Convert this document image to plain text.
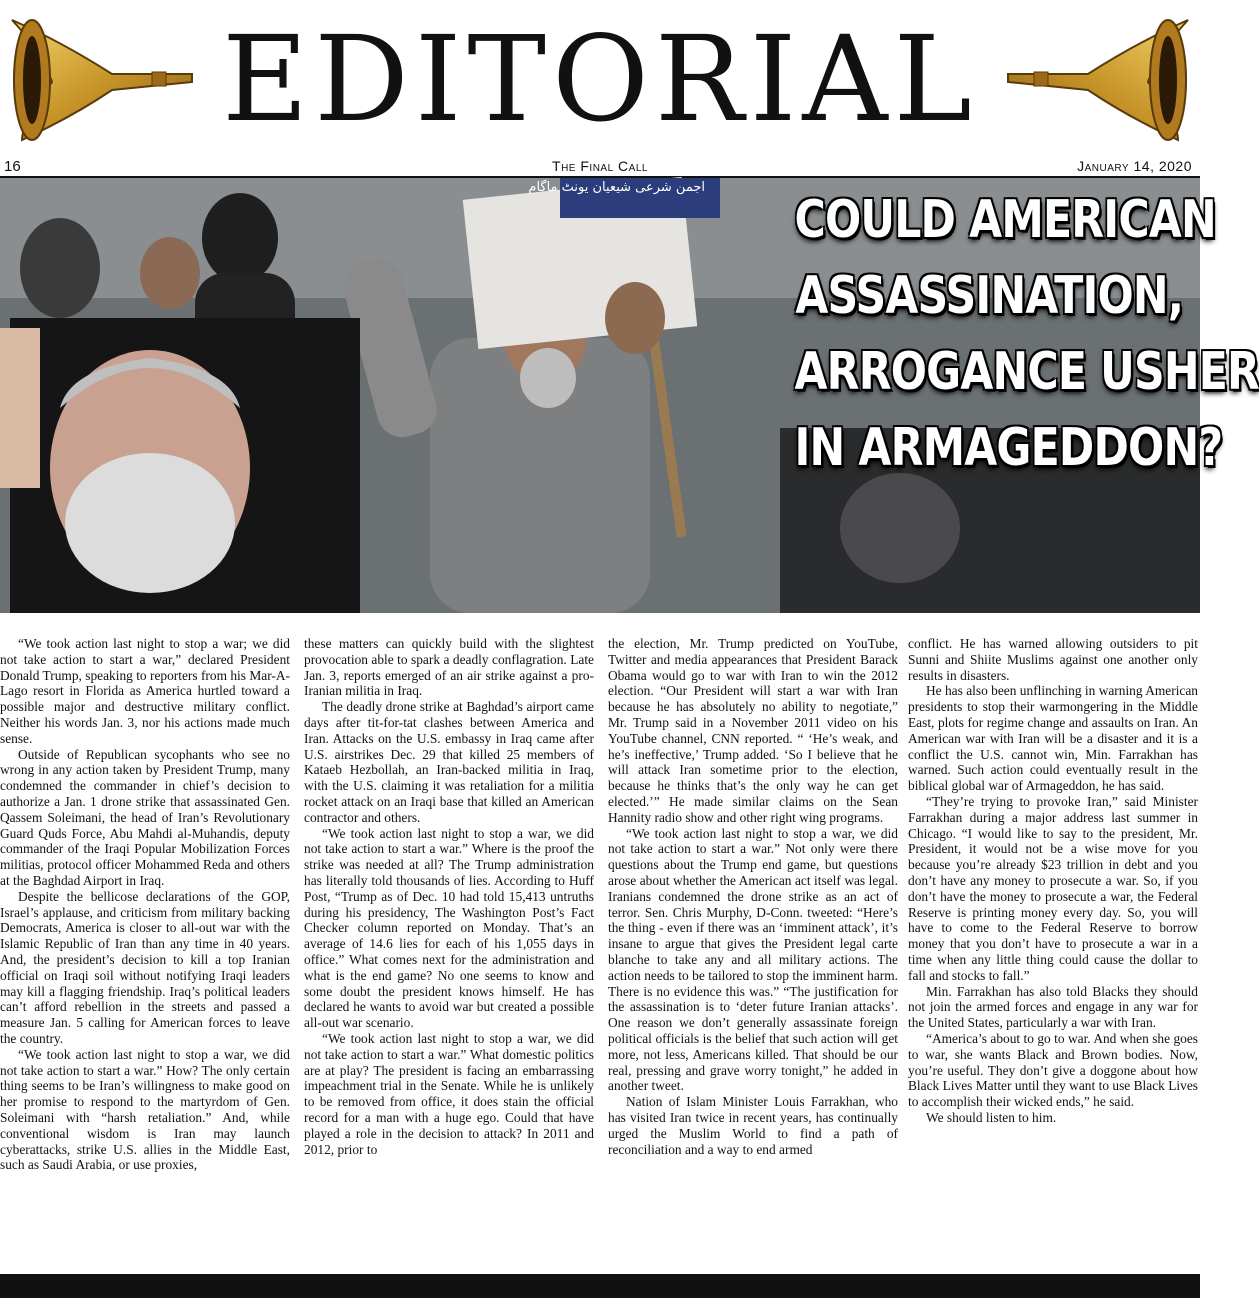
EDITORIAL
16	The Final Call	January 14, 2020
COULD AMERICAN
ASSASSINATION,
ARROGANCE USHER
IN ARMAGEDDON?
اجمن شرعی شیعیان یونٹ ماگام

“We took action last night to stop a war; we did not take action to start a war,” declared President Donald Trump, speaking to reporters from his Mar-A-Lago resort in Florida as America hurtled toward a possible major and destructive military conflict. Neither his words Jan. 3, nor his actions made much sense.

Outside of Republican sycophants who see no wrong in any action taken by President Trump, many condemned the commander in chief’s decision to authorize a Jan. 1 drone strike that assassinated Gen. Qassem Soleimani, the head of Iran’s Revolutionary Guard Quds Force, Abu Mahdi al-Muhandis, deputy commander of the Iraqi Popular Mobilization Forces militias, protocol officer Mohammed Reda and others at the Baghdad Airport in Iraq.

Despite the bellicose declarations of the GOP, Israel’s applause, and criticism from military backing Democrats, America is closer to all-out war with the Islamic Republic of Iran than any time in 40 years. And, the president’s decision to kill a top Iranian official on Iraqi soil without notifying Iraqi leaders may kill a flagging friendship. Iraq’s political leaders can’t afford rebellion in the streets and passed a measure Jan. 5 calling for American forces to leave the country.

“We took action last night to stop a war, we did not take action to start a war.” How? The only certain thing seems to be Iran’s willingness to make good on her promise to respond to the martyrdom of Gen. Soleimani with “harsh retaliation.” And, while conventional wisdom is Iran may launch cyberattacks, strike U.S. allies in the Middle East, such as Saudi Arabia, or use proxies,

these matters can quickly build with the slightest provocation able to spark a deadly conflagration. Late Jan. 3, reports emerged of an air strike against a pro-Iranian militia in Iraq.

The deadly drone strike at Baghdad’s airport came days after tit-for-tat clashes between America and Iran. Attacks on the U.S. embassy in Iraq came after U.S. airstrikes Dec. 29 that killed 25 members of Kataeb Hezbollah, an Iran-backed militia in Iraq, with the U.S. claiming it was retaliation for a militia rocket attack on an Iraqi base that killed an American contractor and others.

“We took action last night to stop a war, we did not take action to start a war.” Where is the proof the strike was needed at all? The Trump administration has literally told thousands of lies. According to Huff Post, “Trump as of Dec. 10 had told 15,413 untruths during his presidency, The Washington Post’s Fact Checker column reported on Monday. That’s an average of 14.6 lies for each of his 1,055 days in office.” What comes next for the administration and what is the end game? No one seems to know and some doubt the president knows himself. He has declared he wants to avoid war but created a possible all-out war scenario.

“We took action last night to stop a war, we did not take action to start a war.” What domestic politics are at play? The president is facing an embarrassing impeachment trial in the Senate. While he is unlikely to be removed from office, it does stain the official record for a man with a huge ego. Could that have played a role in the decision to attack? In 2011 and 2012, prior to

the election, Mr. Trump predicted on YouTube, Twitter and media appearances that President Barack Obama would go to war with Iran to win the 2012 election. “Our President will start a war with Iran because he has absolutely no ability to negotiate,” Mr. Trump said in a November 2011 video on his YouTube channel, CNN reported. “ ‘He’s weak, and he’s ineffective,’ Trump added. ‘So I believe that he will attack Iran sometime prior to the election, because he thinks that’s the only way he can get elected.’” He made similar claims on the Sean Hannity radio show and other right wing programs.

“We took action last night to stop a war, we did not take action to start a war.” Not only were there questions about the Trump end game, but questions arose about whether the American act itself was legal. Iranians condemned the drone strike as an act of terror. Sen. Chris Murphy, D-Conn. tweeted: “Here’s the thing - even if there was an ‘imminent attack’, it’s insane to argue that gives the President legal carte blanche to take any and all military actions. The action needs to be tailored to stop the imminent harm. There is no evidence this was.” “The justification for the assassination is to ‘deter future Iranian attacks’. One reason we don’t generally assassinate foreign political officials is the belief that such action will get more, not less, Americans killed. That should be our real, pressing and grave worry tonight,” he added in another tweet.

Nation of Islam Minister Louis Farrakhan, who has visited Iran twice in recent years, has continually urged the Muslim World to find a path of reconciliation and a way to end armed

conflict. He has warned allowing outsiders to pit Sunni and Shiite Muslims against one another only results in disasters.

He has also been unflinching in warning American presidents to stop their warmongering in the Middle East, plots for regime change and assaults on Iran. An American war with Iran will be a disaster and it is a conflict the U.S. cannot win, Min. Farrakhan has warned. Such action could eventually result in the biblical global war of Armageddon, he has said.

“They’re trying to provoke Iran,” said Minister Farrakhan during a major address last summer in Chicago. “I would like to say to the president, Mr. President, it would not be a wise move for you because you’re already $23 trillion in debt and you don’t have any money to prosecute a war. So, if you don’t have the money to prosecute a war, the Federal Reserve is printing money every day. So, you will have to come to the Federal Reserve to borrow money that you don’t have to prosecute a war in a time when any little thing could cause the dollar to fall and stocks to fall.”

Min. Farrakhan has also told Blacks they should not join the armed forces and engage in any war for the United States, particularly a war with Iran.

“America’s about to go to war. And when she goes to war, she wants Black and Brown bodies. Now, you’re useful. They don’t give a doggone about how Black Lives Matter until they want to use Black Lives to accomplish their wicked ends,” he said.

We should listen to him.
